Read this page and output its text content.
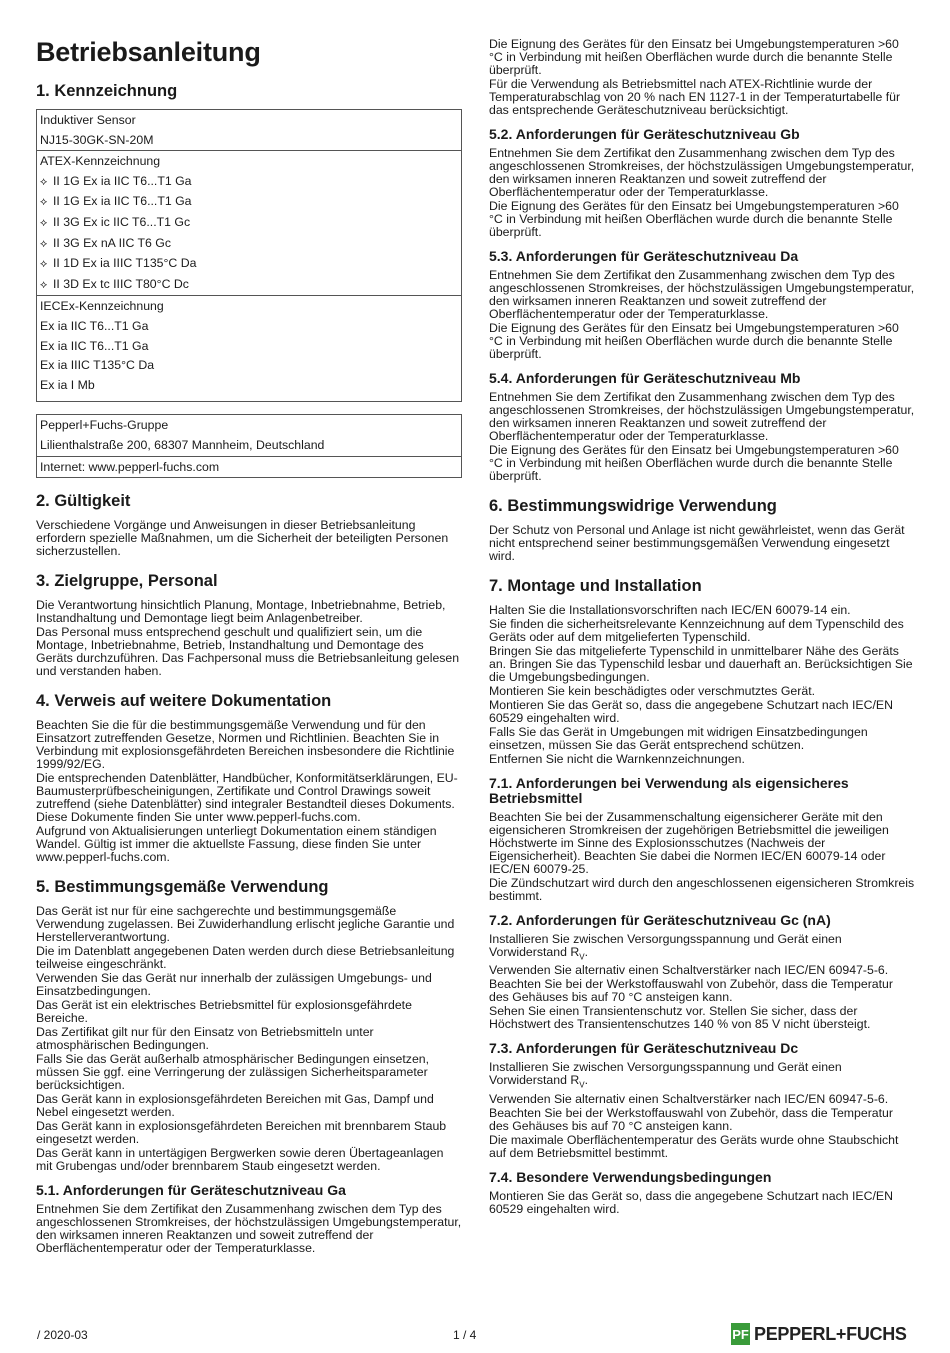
Betriebsanleitung
1. Kennzeichnung
Induktiver Sensor
NJ15-30GK-SN-20M
ATEX-Kennzeichnung
⟡ II 1G Ex ia IIC T6...T1 Ga
⟡ II 1G Ex ia IIC T6...T1 Ga
⟡ II 3G Ex ic IIC T6...T1 Gc
⟡ II 3G Ex nA IIC T6 Gc
⟡ II 1D Ex ia IIIC T135°C Da
⟡ II 3D Ex tc IIIC T80°C Dc
IECEx-Kennzeichnung
Ex ia IIC T6...T1 Ga
Ex ia IIC T6...T1 Ga
Ex ia IIIC T135°C Da
Ex ia I Mb
Pepperl+Fuchs-Gruppe
Lilienthalstraße 200, 68307 Mannheim, Deutschland
Internet: www.pepperl-fuchs.com
2. Gültigkeit

Verschiedene Vorgänge und Anweisungen in dieser Betriebsanleitung erfordern spezielle Maßnahmen, um die Sicherheit der beteiligten Personen sicherzustellen.

3. Zielgruppe, Personal

Die Verantwortung hinsichtlich Planung, Montage, Inbetriebnahme, Betrieb, Instandhaltung und Demontage liegt beim Anlagenbetreiber.

Das Personal muss entsprechend geschult und qualifiziert sein, um die Montage, Inbetriebnahme, Betrieb, Instandhaltung und Demontage des Geräts durchzuführen. Das Fachpersonal muss die Betriebsanleitung gelesen und verstanden haben.

4. Verweis auf weitere Dokumentation

Beachten Sie die für die bestimmungsgemäße Verwendung und für den Einsatzort zutreffenden Gesetze, Normen und Richtlinien. Beachten Sie in Verbindung mit explosionsgefährdeten Bereichen insbesondere die Richtlinie 1999/92/EG.

Die entsprechenden Datenblätter, Handbücher, Konformitätserklärungen, EU-Baumusterprüfbescheinigungen, Zertifikate und Control Drawings soweit zutreffend (siehe Datenblätter) sind integraler Bestandteil dieses Dokuments. Diese Dokumente finden Sie unter www.pepperl-fuchs.com.

Aufgrund von Aktualisierungen unterliegt Dokumentation einem ständigen Wandel. Gültig ist immer die aktuellste Fassung, diese finden Sie unter www.pepperl-fuchs.com.

5. Bestimmungsgemäße Verwendung

Das Gerät ist nur für eine sachgerechte und bestimmungsgemäße Verwendung zugelassen. Bei Zuwiderhandlung erlischt jegliche Garantie und Herstellerverantwortung.

Die im Datenblatt angegebenen Daten werden durch diese Betriebsanleitung teilweise eingeschränkt.

Verwenden Sie das Gerät nur innerhalb der zulässigen Umgebungs- und Einsatzbedingungen.

Das Gerät ist ein elektrisches Betriebsmittel für explosionsgefährdete Bereiche.

Das Zertifikat gilt nur für den Einsatz von Betriebsmitteln unter atmosphärischen Bedingungen.

Falls Sie das Gerät außerhalb atmosphärischer Bedingungen einsetzen, müssen Sie ggf. eine Verringerung der zulässigen Sicherheitsparameter berücksichtigen.

Das Gerät kann in explosionsgefährdeten Bereichen mit Gas, Dampf und Nebel eingesetzt werden.

Das Gerät kann in explosionsgefährdeten Bereichen mit brennbarem Staub eingesetzt werden.

Das Gerät kann in untertägigen Bergwerken sowie deren Übertageanlagen mit Grubengas und/oder brennbarem Staub eingesetzt werden.

5.1. Anforderungen für Geräteschutzniveau Ga

Entnehmen Sie dem Zertifikat den Zusammenhang zwischen dem Typ des angeschlossenen Stromkreises, der höchstzulässigen Umgebungstemperatur, den wirksamen inneren Reaktanzen und soweit zutreffend der Oberflächentemperatur oder der Temperaturklasse.

Die Eignung des Gerätes für den Einsatz bei Umgebungstemperaturen >60 °C in Verbindung mit heißen Oberflächen wurde durch die benannte Stelle überprüft.

Für die Verwendung als Betriebsmittel nach ATEX-Richtlinie wurde der Temperaturabschlag von 20 % nach EN 1127-1 in der Temperaturtabelle für das entsprechende Geräteschutzniveau berücksichtigt.

5.2. Anforderungen für Geräteschutzniveau Gb

Entnehmen Sie dem Zertifikat den Zusammenhang zwischen dem Typ des angeschlossenen Stromkreises, der höchstzulässigen Umgebungstemperatur, den wirksamen inneren Reaktanzen und soweit zutreffend der Oberflächentemperatur oder der Temperaturklasse.

Die Eignung des Gerätes für den Einsatz bei Umgebungstemperaturen >60 °C in Verbindung mit heißen Oberflächen wurde durch die benannte Stelle überprüft.

5.3. Anforderungen für Geräteschutzniveau Da

Entnehmen Sie dem Zertifikat den Zusammenhang zwischen dem Typ des angeschlossenen Stromkreises, der höchstzulässigen Umgebungstemperatur, den wirksamen inneren Reaktanzen und soweit zutreffend der Oberflächentemperatur oder der Temperaturklasse.

Die Eignung des Gerätes für den Einsatz bei Umgebungstemperaturen >60 °C in Verbindung mit heißen Oberflächen wurde durch die benannte Stelle überprüft.

5.4. Anforderungen für Geräteschutzniveau Mb

Entnehmen Sie dem Zertifikat den Zusammenhang zwischen dem Typ des angeschlossenen Stromkreises, der höchstzulässigen Umgebungstemperatur, den wirksamen inneren Reaktanzen und soweit zutreffend der Oberflächentemperatur oder der Temperaturklasse.

Die Eignung des Gerätes für den Einsatz bei Umgebungstemperaturen >60 °C in Verbindung mit heißen Oberflächen wurde durch die benannte Stelle überprüft.

6. Bestimmungswidrige Verwendung

Der Schutz von Personal und Anlage ist nicht gewährleistet, wenn das Gerät nicht entsprechend seiner bestimmungsgemäßen Verwendung eingesetzt wird.

7. Montage und Installation

Halten Sie die Installationsvorschriften nach IEC/EN 60079-14 ein.

Sie finden die sicherheitsrelevante Kennzeichnung auf dem Typenschild des Geräts oder auf dem mitgelieferten Typenschild.

Bringen Sie das mitgelieferte Typenschild in unmittelbarer Nähe des Geräts an. Bringen Sie das Typenschild lesbar und dauerhaft an. Berücksichtigen Sie die Umgebungsbedingungen.

Montieren Sie kein beschädigtes oder verschmutztes Gerät.

Montieren Sie das Gerät so, dass die angegebene Schutzart nach IEC/EN 60529 eingehalten wird.

Falls Sie das Gerät in Umgebungen mit widrigen Einsatzbedingungen einsetzen, müssen Sie das Gerät entsprechend schützen.

Entfernen Sie nicht die Warnkennzeichnungen.

7.1. Anforderungen bei Verwendung als eigensicheres Betriebsmittel

Beachten Sie bei der Zusammenschaltung eigensicherer Geräte mit den eigensicheren Stromkreisen der zugehörigen Betriebsmittel die jeweiligen Höchstwerte im Sinne des Explosionsschutzes (Nachweis der Eigensicherheit). Beachten Sie dabei die Normen IEC/EN 60079-14 oder IEC/EN 60079-25.

Die Zündschutzart wird durch den angeschlossenen eigensicheren Stromkreis bestimmt.

7.2. Anforderungen für Geräteschutzniveau Gc (nA)

Installieren Sie zwischen Versorgungsspannung und Gerät einen Vorwiderstand $R_V$.

Verwenden Sie alternativ einen Schaltverstärker nach IEC/EN 60947-5-6.

Beachten Sie bei der Werkstoffauswahl von Zubehör, dass die Temperatur des Gehäuses bis auf 70 °C ansteigen kann.

Sehen Sie einen Transientenschutz vor. Stellen Sie sicher, dass der Höchstwert des Transientenschutzes 140 % von 85 V nicht übersteigt.

7.3. Anforderungen für Geräteschutzniveau Dc

Installieren Sie zwischen Versorgungsspannung und Gerät einen Vorwiderstand $R_V$.

Verwenden Sie alternativ einen Schaltverstärker nach IEC/EN 60947-5-6.

Beachten Sie bei der Werkstoffauswahl von Zubehör, dass die Temperatur des Gehäuses bis auf 70 °C ansteigen kann.

Die maximale Oberflächentemperatur des Geräts wurde ohne Staubschicht auf dem Betriebsmittel bestimmt.

7.4. Besondere Verwendungsbedingungen

Montieren Sie das Gerät so, dass die angegebene Schutzart nach IEC/EN 60529 eingehalten wird.

/ 2020-03	1 / 4	PF PEPPERL+FUCHS
